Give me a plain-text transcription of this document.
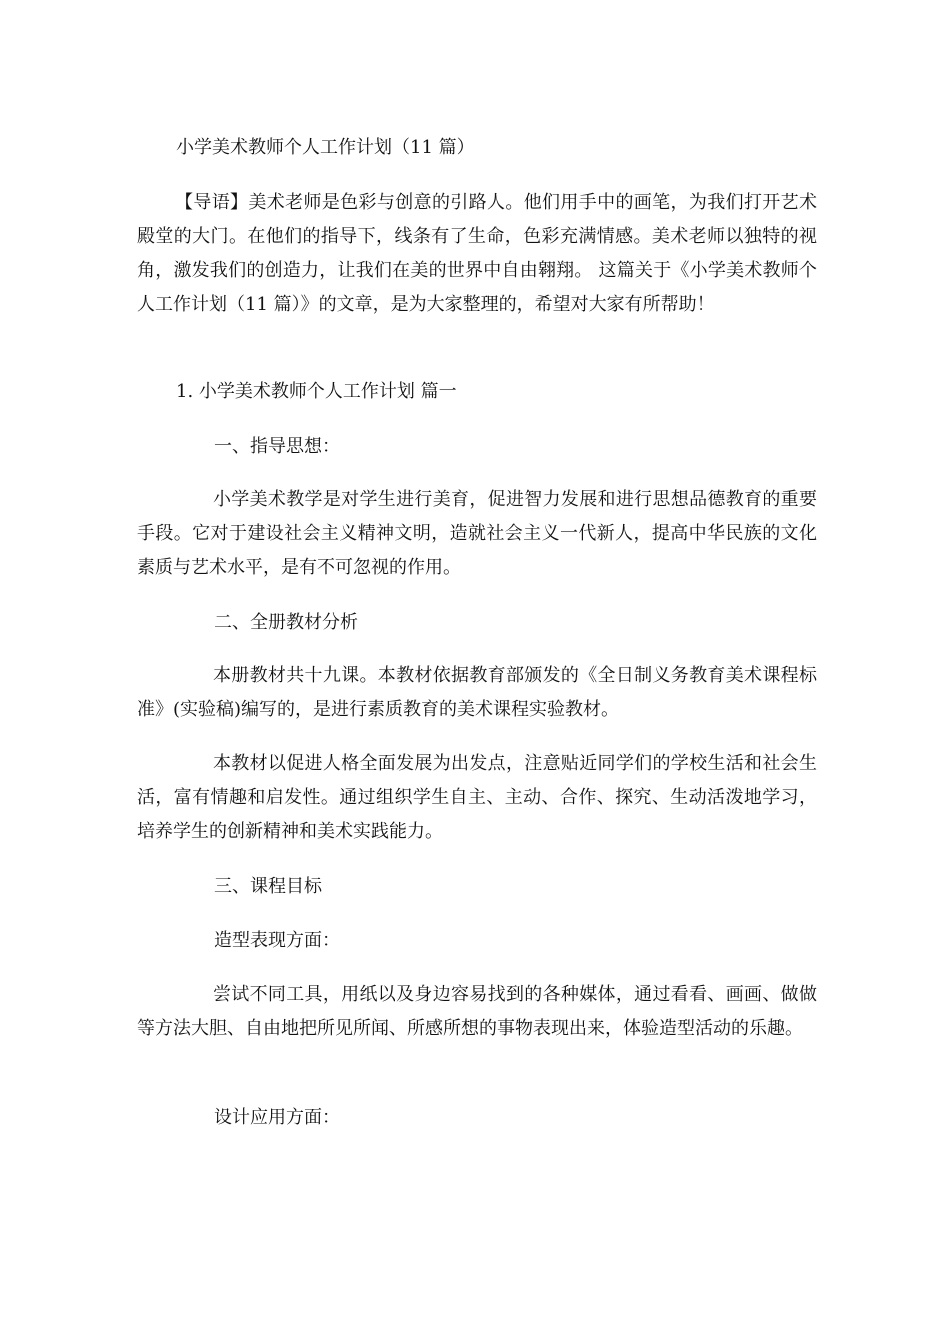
小学美术教师个人工作计划（11 篇）

【导语】美术老师是色彩与创意的引路人。他们用手中的画笔，为我们打开艺术殿堂的大门。在他们的指导下，线条有了生命，色彩充满情感。美术老师以独特的视角，激发我们的创造力，让我们在美的世界中自由翱翔。 这篇关于《小学美术教师个人工作计划（11 篇）》的文章，是为大家整理的，希望对大家有所帮助！

1. 小学美术教师个人工作计划 篇一

一、指导思想：

小学美术教学是对学生进行美育，促进智力发展和进行思想品德教育的重要手段。它对于建设社会主义精神文明，造就社会主义一代新人，提高中华民族的文化素质与艺术水平，是有不可忽视的作用。

二、全册教材分析

本册教材共十九课。本教材依据教育部颁发的《全日制义务教育美术课程标准》(实验稿)编写的，是进行素质教育的美术课程实验教材。

本教材以促进人格全面发展为出发点，注意贴近同学们的学校生活和社会生活，富有情趣和启发性。通过组织学生自主、主动、合作、探究、生动活泼地学习，培养学生的创新精神和美术实践能力。

三、课程目标

造型表现方面：

尝试不同工具，用纸以及身边容易找到的各种媒体，通过看看、画画、做做等方法大胆、自由地把所见所闻、所感所想的事物表现出来，体验造型活动的乐趣。

设计应用方面：
